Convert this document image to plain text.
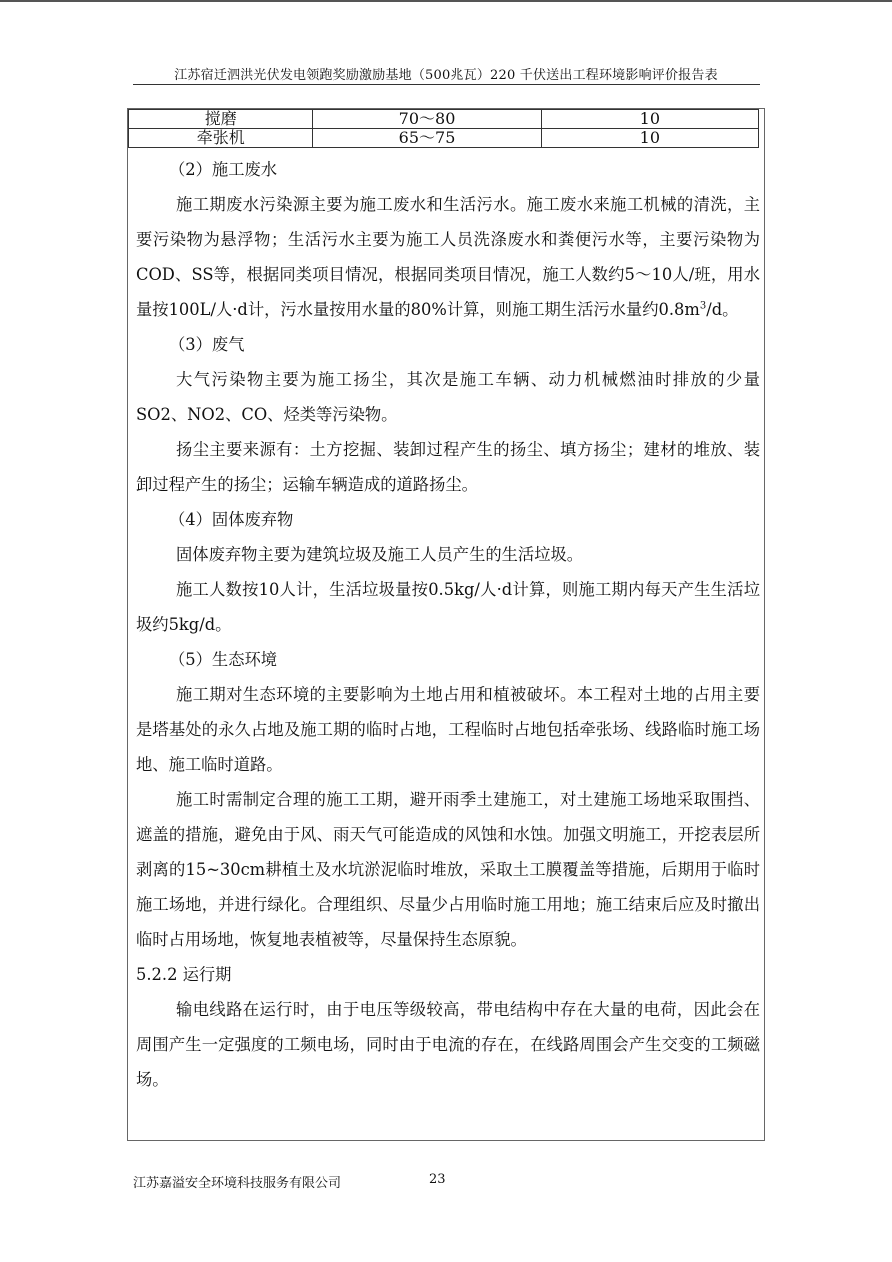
江苏宿迁泗洪光伏发电领跑奖励激励基地（500兆瓦）220 千伏送出工程环境影响评价报告表
搅磨	70～80	10
牵张机	65～75	10

（2）施工废水

施工期废水污染源主要为施工废水和生活污水。施工废水来施工机械的清洗，主要污染物为悬浮物；生活污水主要为施工人员洗涤废水和粪便污水等，主要污染物为COD、SS等，根据同类项目情况，根据同类项目情况，施工人数约5～10人/班，用水量按100L/人·d计，污水量按用水量的80%计算，则施工期生活污水量约$0.8m^3/d$。

（3）废气

大气污染物主要为施工扬尘，其次是施工车辆、动力机械燃油时排放的少量SO2、NO2、CO、烃类等污染物。

扬尘主要来源有：土方挖掘、装卸过程产生的扬尘、填方扬尘；建材的堆放、装卸过程产生的扬尘；运输车辆造成的道路扬尘。

（4）固体废弃物

固体废弃物主要为建筑垃圾及施工人员产生的生活垃圾。

施工人数按10人计，生活垃圾量按0.5kg/人·d计算，则施工期内每天产生生活垃圾约5kg/d。

（5）生态环境

施工期对生态环境的主要影响为土地占用和植被破坏。本工程对土地的占用主要是塔基处的永久占地及施工期的临时占地，工程临时占地包括牵张场、线路临时施工场地、施工临时道路。

施工时需制定合理的施工工期，避开雨季土建施工，对土建施工场地采取围挡、遮盖的措施，避免由于风、雨天气可能造成的风蚀和水蚀。加强文明施工，开挖表层所剥离的15~30cm耕植土及水坑淤泥临时堆放，采取土工膜覆盖等措施，后期用于临时施工场地，并进行绿化。合理组织、尽量少占用临时施工用地；施工结束后应及时撤出临时占用场地，恢复地表植被等，尽量保持生态原貌。

5.2.2 运行期

输电线路在运行时，由于电压等级较高，带电结构中存在大量的电荷，因此会在周围产生一定强度的工频电场，同时由于电流的存在，在线路周围会产生交变的工频磁场。

江苏嘉溢安全环境科技服务有限公司	23
